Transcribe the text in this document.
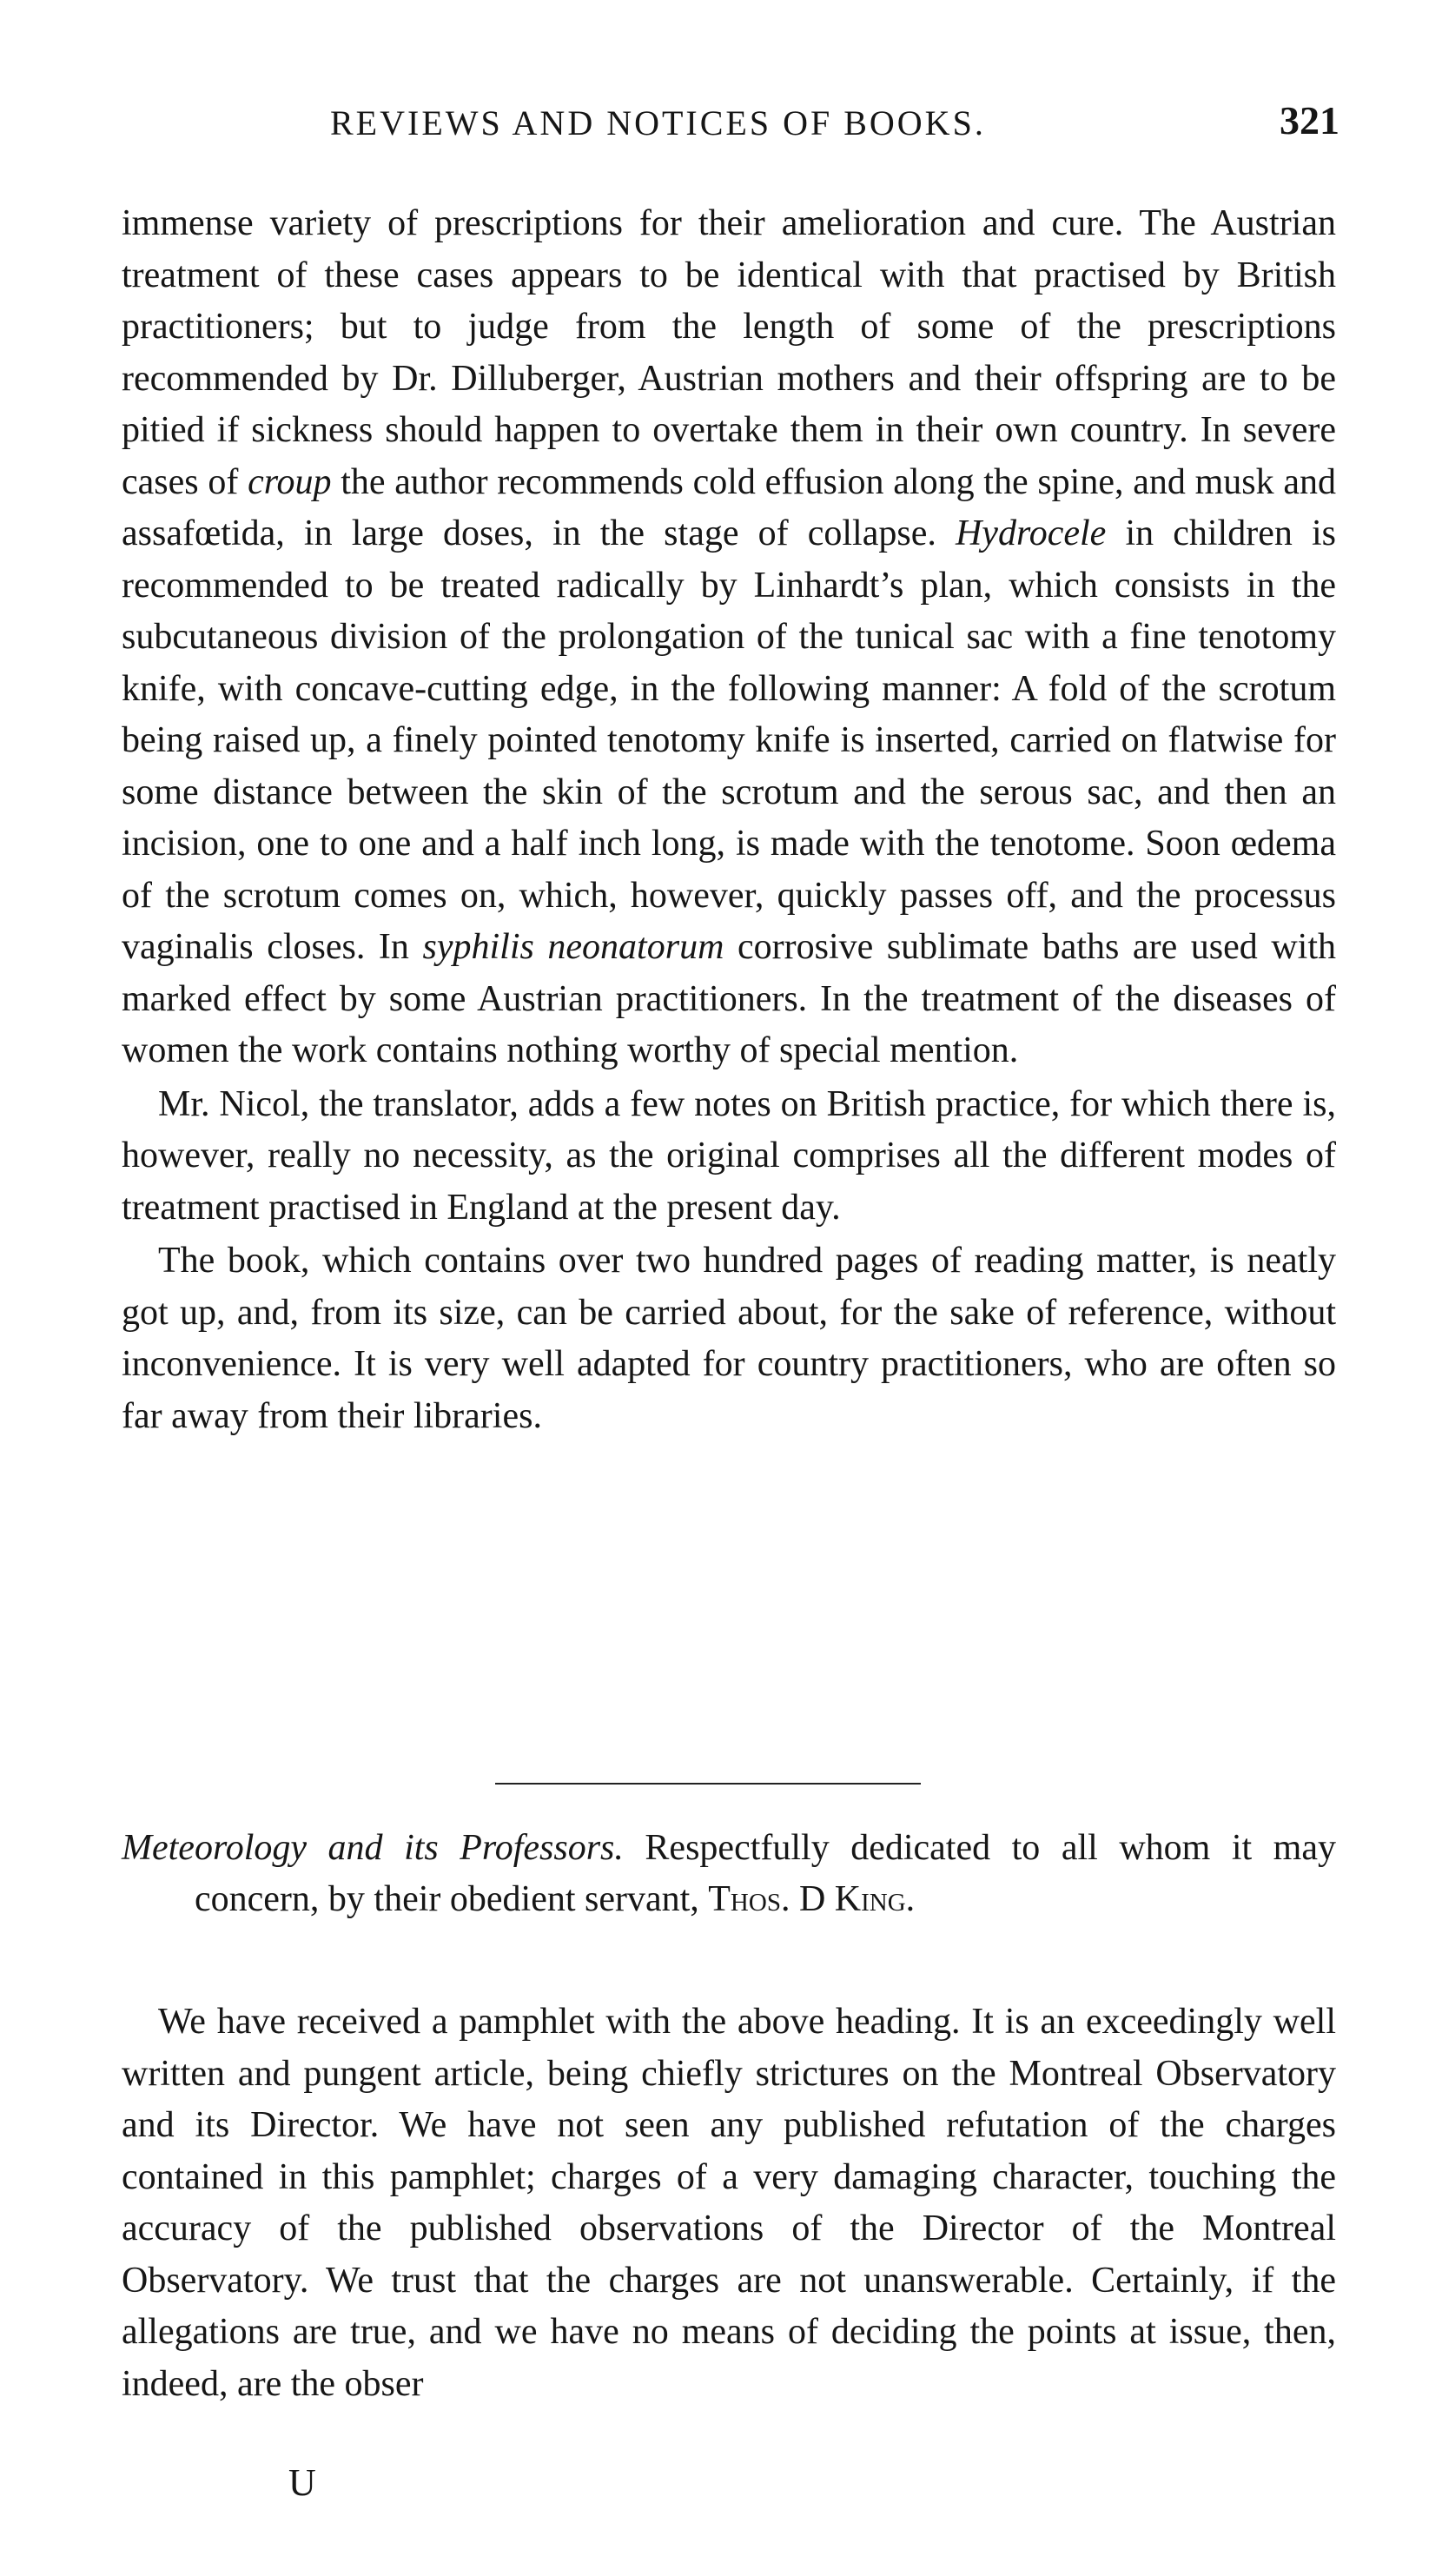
REVIEWS AND NOTICES OF BOOKS.	321

immense variety of prescriptions for their amelioration and cure. The Austrian treatment of these cases appears to be identical with that practised by British practitioners; but to judge from the length of some of the prescriptions recommended by Dr. Dilluberger, Austrian mothers and their offspring are to be pitied if sickness should happen to overtake them in their own country. In severe cases of croup the author recommends cold effusion along the spine, and musk and assafœtida, in large doses, in the stage of collapse. Hydrocele in children is recommended to be treated radically by Linhardt’s plan, which consists in the subcutaneous division of the prolongation of the tunical sac with a fine tenotomy knife, with concave-cutting edge, in the following manner: A fold of the scrotum being raised up, a finely pointed tenotomy knife is inserted, carried on flatwise for some distance between the skin of the scrotum and the serous sac, and then an incision, one to one and a half inch long, is made with the tenotome. Soon œdema of the scrotum comes on, which, however, quickly passes off, and the processus vaginalis closes. In syphilis neonatorum corrosive sublimate baths are used with marked effect by some Austrian practitioners. In the treatment of the diseases of women the work contains nothing worthy of special mention.

Mr. Nicol, the translator, adds a few notes on British practice, for which there is, however, really no necessity, as the original comprises all the different modes of treatment practised in England at the present day.

The book, which contains over two hundred pages of reading matter, is neatly got up, and, from its size, can be carried about, for the sake of reference, without inconvenience. It is very well adapted for country practitioners, who are often so far away from their libraries.

Meteorology and its Professors. Respectfully dedicated to all whom it may concern, by their obedient servant, Thos. D King.

We have received a pamphlet with the above heading. It is an exceedingly well written and pungent article, being chiefly strictures on the Montreal Observatory and its Director. We have not seen any published refutation of the charges contained in this pamphlet; charges of a very damaging character, touching the accuracy of the published observations of the Director of the Montreal Observatory. We trust that the charges are not unanswerable. Certainly, if the allegations are true, and we have no means of deciding the points at issue, then, indeed, are the obser

U
